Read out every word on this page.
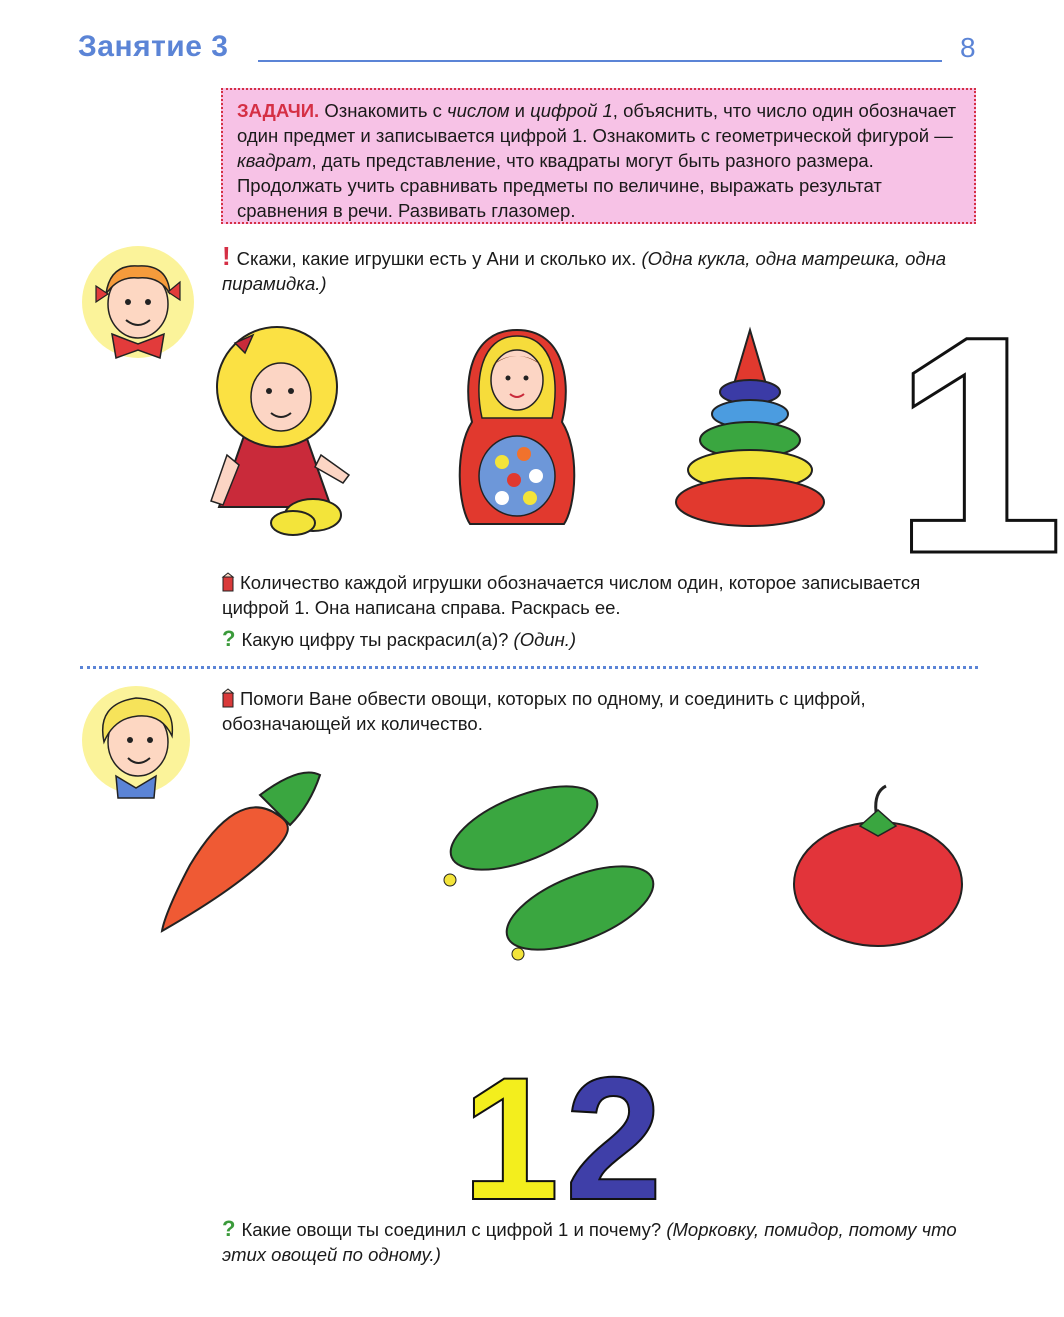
Занятие 3	8
ЗАДАЧИ. Ознакомить с числом и цифрой 1, объяснить, что число один обозначает один предмет и записывается цифрой 1. Ознакомить с геометрической фигурой — квадрат, дать представление, что квадраты могут быть разного размера. Продолжать учить сравнивать предметы по величине, выражать результат сравнения в речи. Развивать глазомер.
! Скажи, какие игрушки есть у Ани и сколько их. (Одна кукла, одна матрешка, одна пирамидка.)	1
Количество каждой игрушки обозначается числом один, которое записывается цифрой 1. Она написана справа. Раскрась ее.
? Какую цифру ты раскрасил(а)? (Один.)
Помоги Ване обвести овощи, которых по одному, и соединить с цифрой, обозначающей их количество.
1 2
? Какие овощи ты соединил с цифрой 1 и почему? (Морковку, помидор, потому что этих овощей по одному.)
